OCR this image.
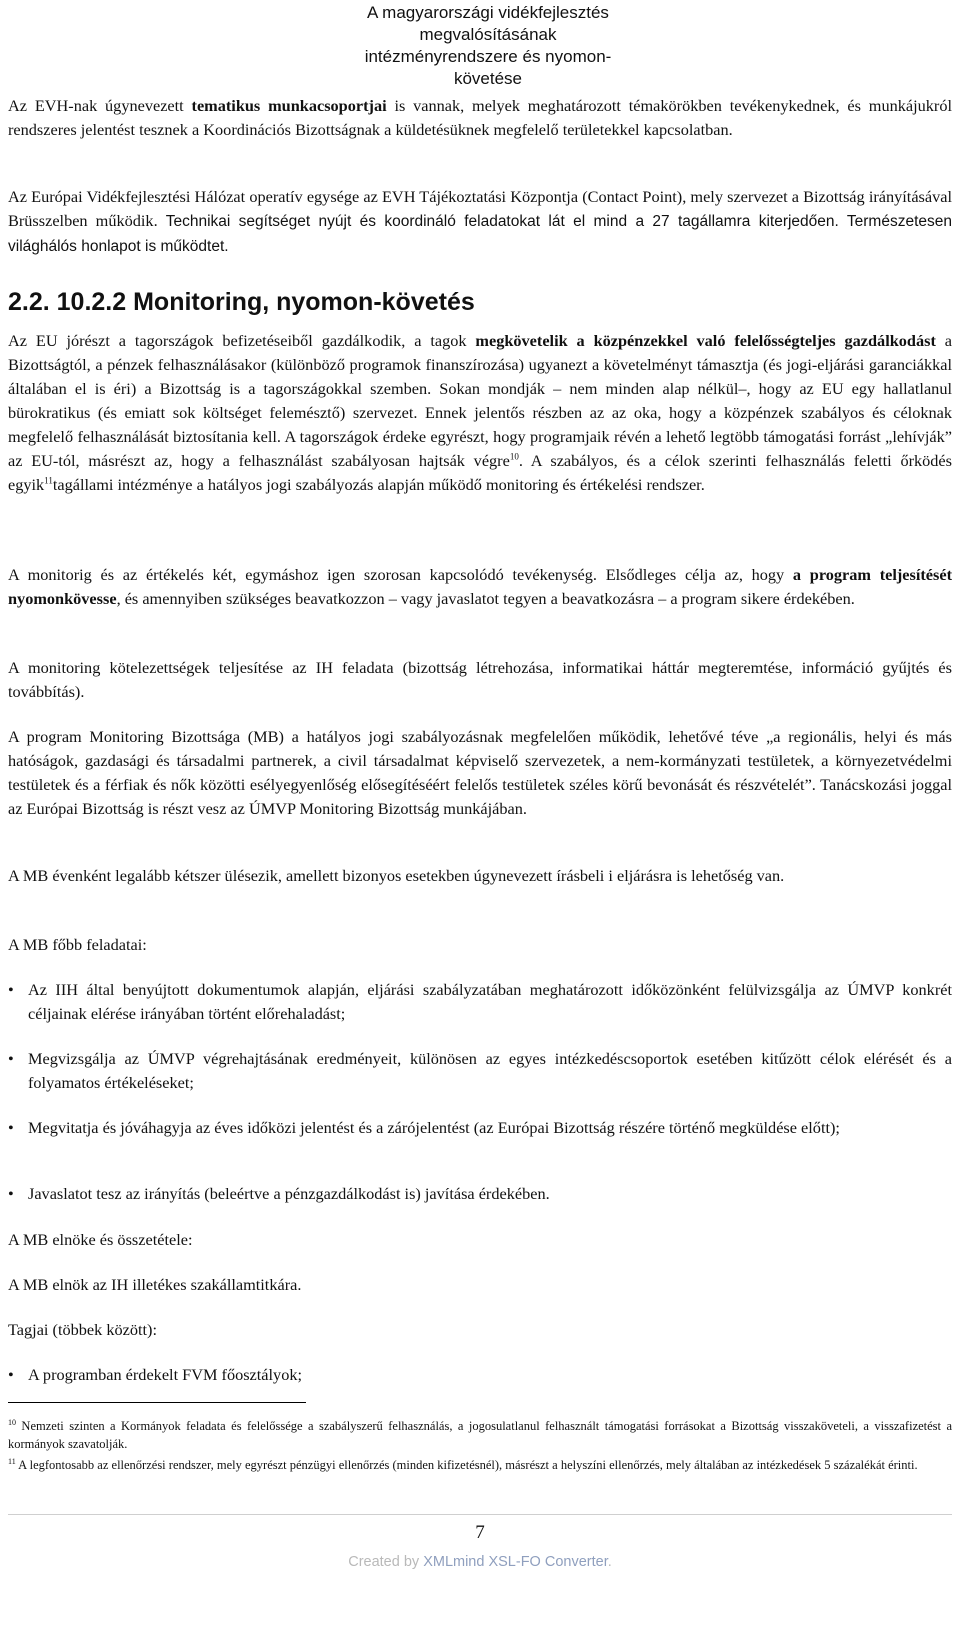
A magyarországi vidékfejlesztés
megvalósításának
intézményrendszere és nyomon-
követése

Az EVH-nak úgynevezett tematikus munkacsoportjai is vannak, melyek meghatározott témakörökben tevékenykednek, és munkájukról rendszeres jelentést tesznek a Koordinációs Bizottságnak a küldetésüknek megfelelő területekkel kapcsolatban.

Az Európai Vidékfejlesztési Hálózat operatív egysége az EVH Tájékoztatási Központja (Contact Point), mely szervezet a Bizottság irányításával Brüsszelben működik. Technikai segítséget nyújt és koordináló feladatokat lát el mind a 27 tagállamra kiterjedően. Természetesen világhálós honlapot is működtet.

2.2. 10.2.2 Monitoring, nyomon-követés

Az EU jórészt a tagországok befizetéseiből gazdálkodik, a tagok megkövetelik a közpénzekkel való felelősségteljes gazdálkodást a Bizottságtól, a pénzek felhasználásakor (különböző programok finanszírozása) ugyanezt a követelményt támasztja (és jogi-eljárási garanciákkal általában el is éri) a Bizottság is a tagországokkal szemben. Sokan mondják – nem minden alap nélkül–, hogy az EU egy hallatlanul bürokratikus (és emiatt sok költséget felemésztő) szervezet. Ennek jelentős részben az az oka, hogy a közpénzek szabályos és céloknak megfelelő felhasználását biztosítania kell. A tagországok érdeke egyrészt, hogy programjaik révén a lehető legtöbb támogatási forrást „lehívják” az EU-tól, másrészt az, hogy a felhasználást szabályosan hajtsák végre$^{10}$. A szabályos, és a célok szerinti felhasználás feletti őrködés egyik$^{11}$tagállami intézménye a hatályos jogi szabályozás alapján működő monitoring és értékelési rendszer.

A monitorig és az értékelés két, egymáshoz igen szorosan kapcsolódó tevékenység. Elsődleges célja az, hogy a program teljesítését nyomonkövesse, és amennyiben szükséges beavatkozzon – vagy javaslatot tegyen a beavatkozásra – a program sikere érdekében.

A monitoring kötelezettségek teljesítése az IH feladata (bizottság létrehozása, informatikai háttár megteremtése, információ gyűjtés és továbbítás).

A program Monitoring Bizottsága (MB) a hatályos jogi szabályozásnak megfelelően működik, lehetővé téve „a regionális, helyi és más hatóságok, gazdasági és társadalmi partnerek, a civil társadalmat képviselő szervezetek, a nem-kormányzati testületek, a környezetvédelmi testületek és a férfiak és nők közötti esélyegyenlőség elősegítéséért felelős testületek széles körű bevonását és részvételét”. Tanácskozási joggal az Európai Bizottság is részt vesz az ÚMVP Monitoring Bizottság munkájában.

A MB évenként legalább kétszer ülésezik, amellett bizonyos esetekben úgynevezett írásbeli i eljárásra is lehetőség van.

A MB főbb feladatai:

• Az IIH által benyújtott dokumentumok alapján, eljárási szabályzatában meghatározott időközönként felülvizsgálja az ÚMVP konkrét céljainak elérése irányában történt előrehaladást;
• Megvizsgálja az ÚMVP végrehajtásának eredményeit, különösen az egyes intézkedéscsoportok esetében kitűzött célok elérését és a folyamatos értékeléseket;
• Megvitatja és jóváhagyja az éves időközi jelentést és a zárójelentést (az Európai Bizottság részére történő megküldése előtt);
• Javaslatot tesz az irányítás (beleértve a pénzgazdálkodást is) javítása érdekében.

A MB elnöke és összetétele:

A MB elnök az IH illetékes szakállamtitkára.

Tagjai (többek között):

• A programban érdekelt FVM főosztályok;
$^{10}$ Nemzeti szinten a Kormányok feladata és felelőssége a szabályszerű felhasználás, a jogosulatlanul felhasznált támogatási forrásokat a Bizottság visszaköveteli, a visszafizetést a kormányok szavatolják.
$^{11}$ A legfontosabb az ellenőrzési rendszer, mely egyrészt pénzügyi ellenőrzés (minden kifizetésnél), másrészt a helyszíni ellenőrzés, mely általában az intézkedések 5 százalékát érinti.
7
Created by XMLmind XSL-FO Converter.
